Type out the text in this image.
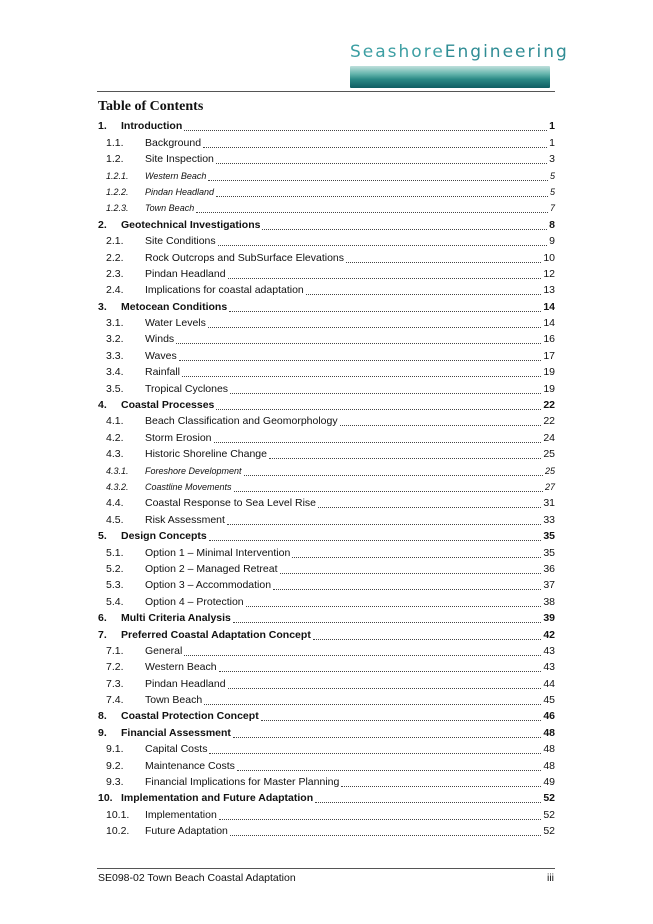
SeashoreEngineering
Table of Contents
1.	Introduction	1
1.1.	Background	1
1.2.	Site Inspection	3
1.2.1.	Western Beach	5
1.2.2.	Pindan Headland	5
1.2.3.	Town Beach	7
2.	Geotechnical Investigations	8
2.1.	Site Conditions	9
2.2.	Rock Outcrops and SubSurface Elevations	10
2.3.	Pindan Headland	12
2.4.	Implications for coastal adaptation	13
3.	Metocean Conditions	14
3.1.	Water Levels	14
3.2.	Winds	16
3.3.	Waves	17
3.4.	Rainfall	19
3.5.	Tropical Cyclones	19
4.	Coastal Processes	22
4.1.	Beach Classification and Geomorphology	22
4.2.	Storm Erosion	24
4.3.	Historic Shoreline Change	25
4.3.1.	Foreshore Development	25
4.3.2.	Coastline Movements	27
4.4.	Coastal Response to Sea Level Rise	31
4.5.	Risk Assessment	33
5.	Design Concepts	35
5.1.	Option 1 – Minimal Intervention	35
5.2.	Option 2 – Managed Retreat	36
5.3.	Option 3 – Accommodation	37
5.4.	Option 4 – Protection	38
6.	Multi Criteria Analysis	39
7.	Preferred Coastal Adaptation Concept	42
7.1.	General	43
7.2.	Western Beach	43
7.3.	Pindan Headland	44
7.4.	Town Beach	45
8.	Coastal Protection Concept	46
9.	Financial Assessment	48
9.1.	Capital Costs	48
9.2.	Maintenance Costs	48
9.3.	Financial Implications for Master Planning	49
10. Implementation and Future Adaptation	52
10.1.	Implementation	52
10.2.	Future Adaptation	52
SE098-02 Town Beach Coastal Adaptation	iii
